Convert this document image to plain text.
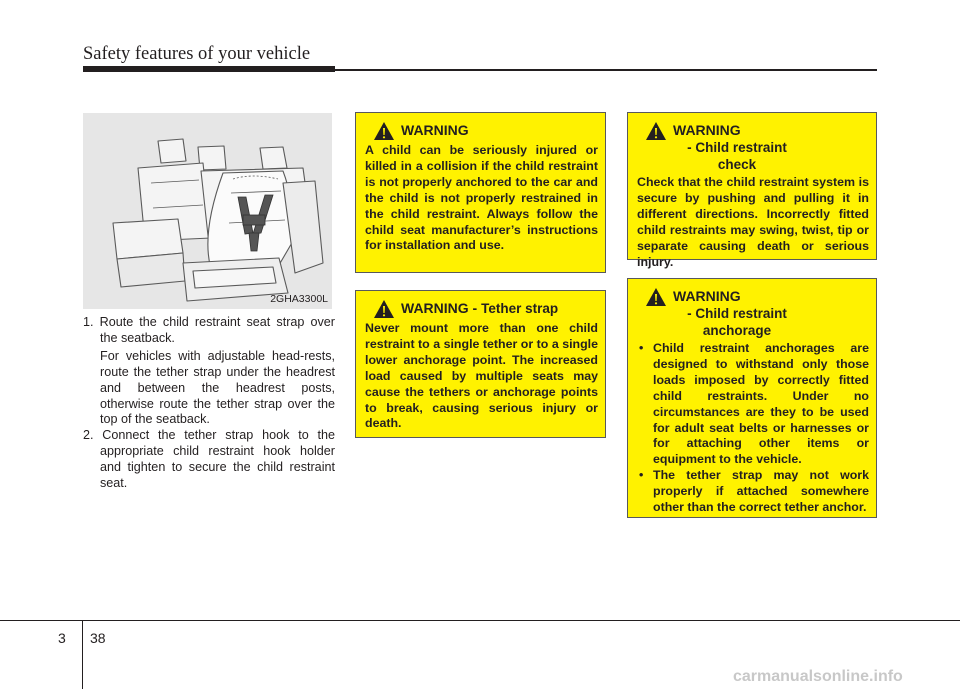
Safety features of your vehicle
2GHA3300L
1. Route the child restraint seat strap over the seatback.
For vehicles with adjustable head-rests, route the tether strap under the headrest and between the headrest posts, otherwise route the tether strap over the top of the seatback.
2. Connect the tether strap hook to the appropriate child restraint hook holder and tighten to secure the child restraint seat.
WARNING
A child can be seriously injured or killed in a collision if the child restraint is not properly anchored to the car and the child is not properly restrained in the child restraint. Always follow the child seat manufacturer’s instructions for installation and use.
WARNING - Tether strap
Never mount more than one child restraint to a single tether or to a single lower anchorage point. The increased load caused by multiple seats may cause the tethers or anchorage points to break, causing serious injury or death.
WARNING - Child restraint check
Check that the child restraint system is secure by pushing and pulling it in different directions. Incorrectly fitted child restraints may swing, twist, tip or separate causing death or serious injury.
WARNING - Child restraint anchorage
• Child restraint anchorages are designed to withstand only those loads imposed by correctly fitted child restraints. Under no circumstances are they to be used for adult seat belts or harnesses or for attaching other items or equipment to the vehicle.
• The tether strap may not work properly if attached somewhere other than the correct tether anchor.
3 38
carmanualsonline.info
